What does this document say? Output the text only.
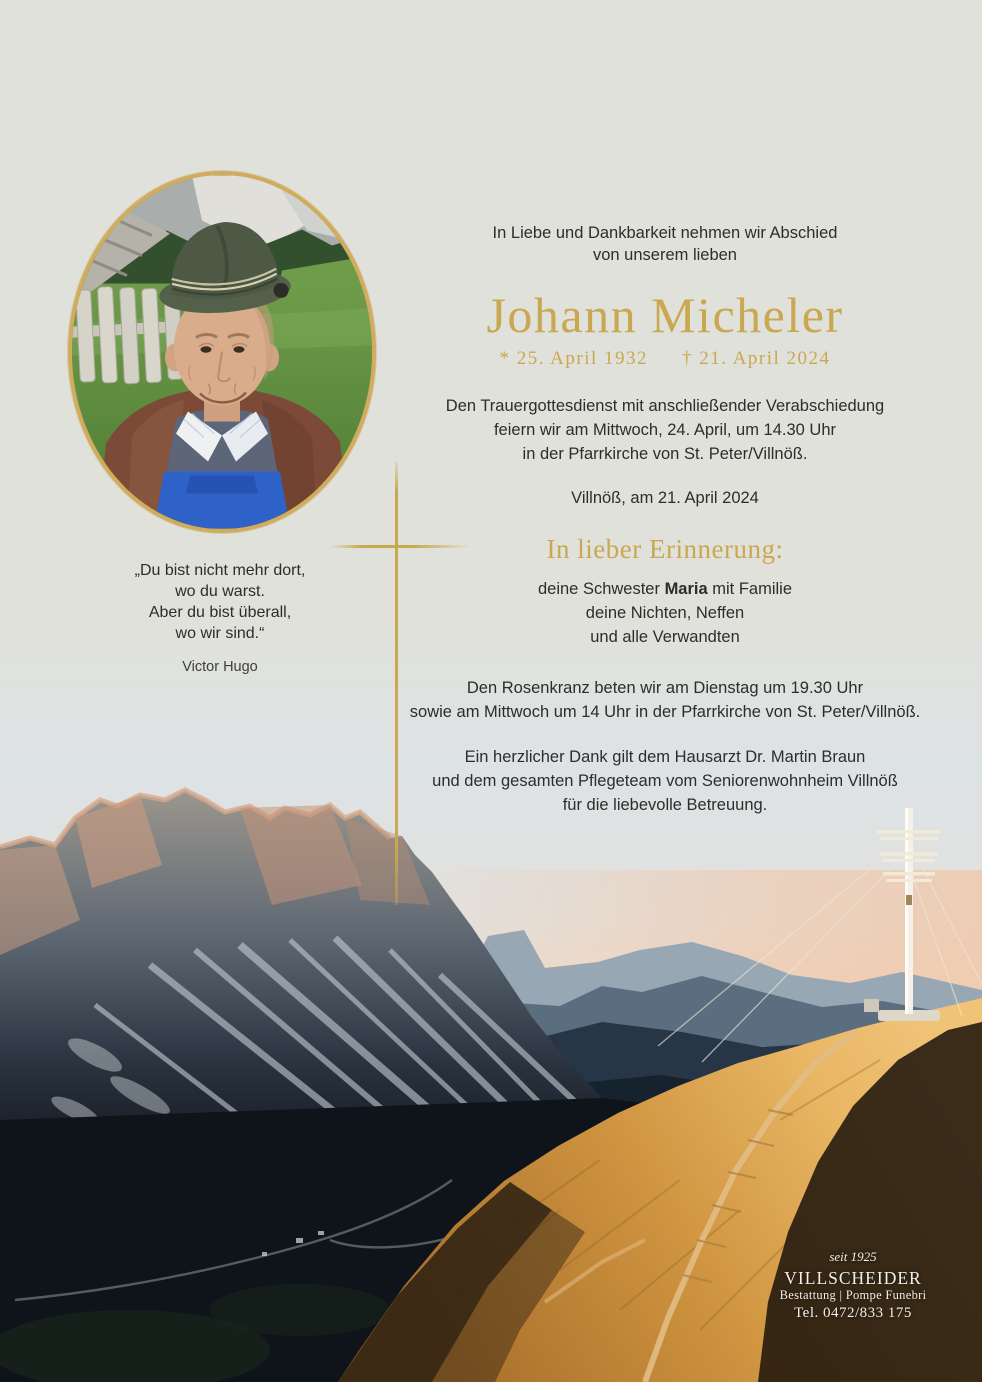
„Du bist nicht mehr dort,
wo du warst.
Aber du bist überall,
wo wir sind.“
Victor Hugo
In Liebe und Dankbarkeit nehmen wir Abschied
von unserem lieben
Johann Micheler
* 25. April 1932 † 21. April 2024
Den Trauergottesdienst mit anschließender Verabschiedung
feiern wir am Mittwoch, 24. April, um 14.30 Uhr
in der Pfarrkirche von St. Peter/Villnöß.
Villnöß, am 21. April 2024
In lieber Erinnerung:
deine Schwester Maria mit Familie
deine Nichten, Neffen
und alle Verwandten
Den Rosenkranz beten wir am Dienstag um 19.30 Uhr
sowie am Mittwoch um 14 Uhr in der Pfarrkirche von St. Peter/Villnöß.
Ein herzlicher Dank gilt dem Hausarzt Dr. Martin Braun
und dem gesamten Pflegeteam vom Seniorenwohnheim Villnöß
für die liebevolle Betreuung.
seit 1925
VILLSCHEIDER
Bestattung | Pompe Funebri
Tel. 0472/833 175
